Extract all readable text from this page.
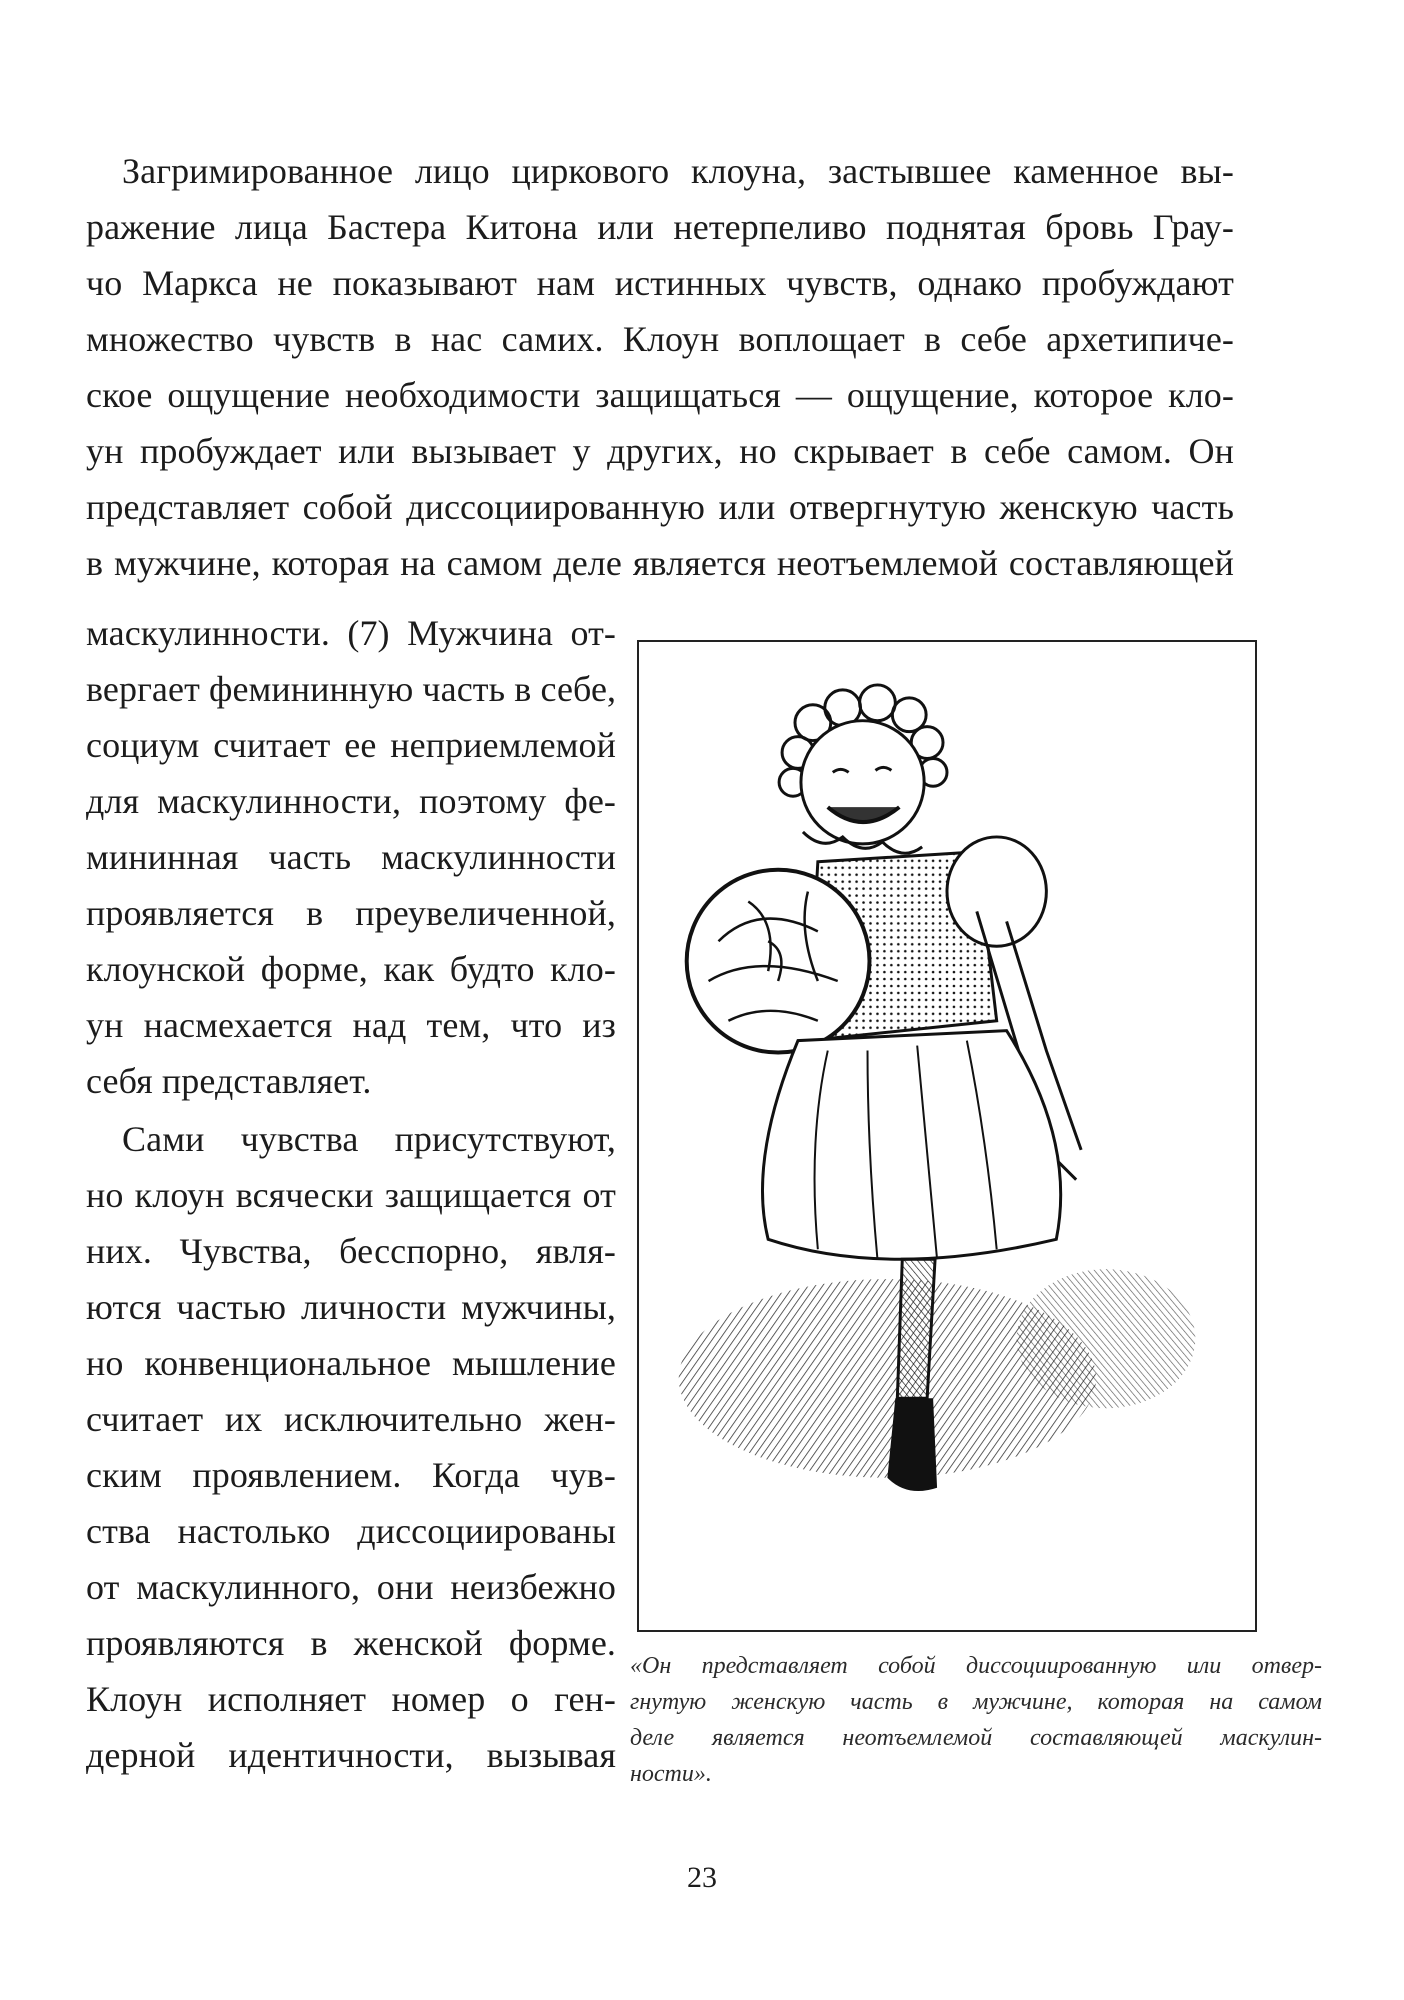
Загримированное лицо циркового клоуна, застывшее каменное вы-
ражение лица Бастера Китона или нетерпеливо поднятая бровь Грау-
чо Маркса не показывают нам истинных чувств, однако пробуждают
множество чувств в нас самих. Клоун воплощает в себе архетипиче-
ское ощущение необходимости защищаться — ощущение, которое кло-
ун пробуждает или вызывает у других, но скрывает в себе самом. Он
представляет собой диссоциированную или отвергнутую женскую часть
в мужчине, которая на самом деле является неотъемлемой составляющей
маскулинности. (7) Мужчина от-
вергает фемининную часть в себе,
социум считает ее неприемлемой
для маскулинности, поэтому фе-
мининная часть маскулинности
проявляется в преувеличенной,
клоунской форме, как будто кло-
ун насмехается над тем, что из
себя представляет.
Сами чувства присутствуют,
но клоун всячески защищается от
них. Чувства, бесспорно, явля-
ются частью личности мужчины,
но конвенциональное мышление
считает их исключительно жен-
ским проявлением. Когда чув-
ства настолько диссоциированы
от маскулинного, они неизбежно
проявляются в женской форме.
Клоун исполняет номер о ген-
дерной идентичности, вызывая
«Он представляет собой диссоциированную или отвер-
гнутую женскую часть в мужчине, которая на самом
деле является неотъемлемой составляющей маскулин-
ности».
23
